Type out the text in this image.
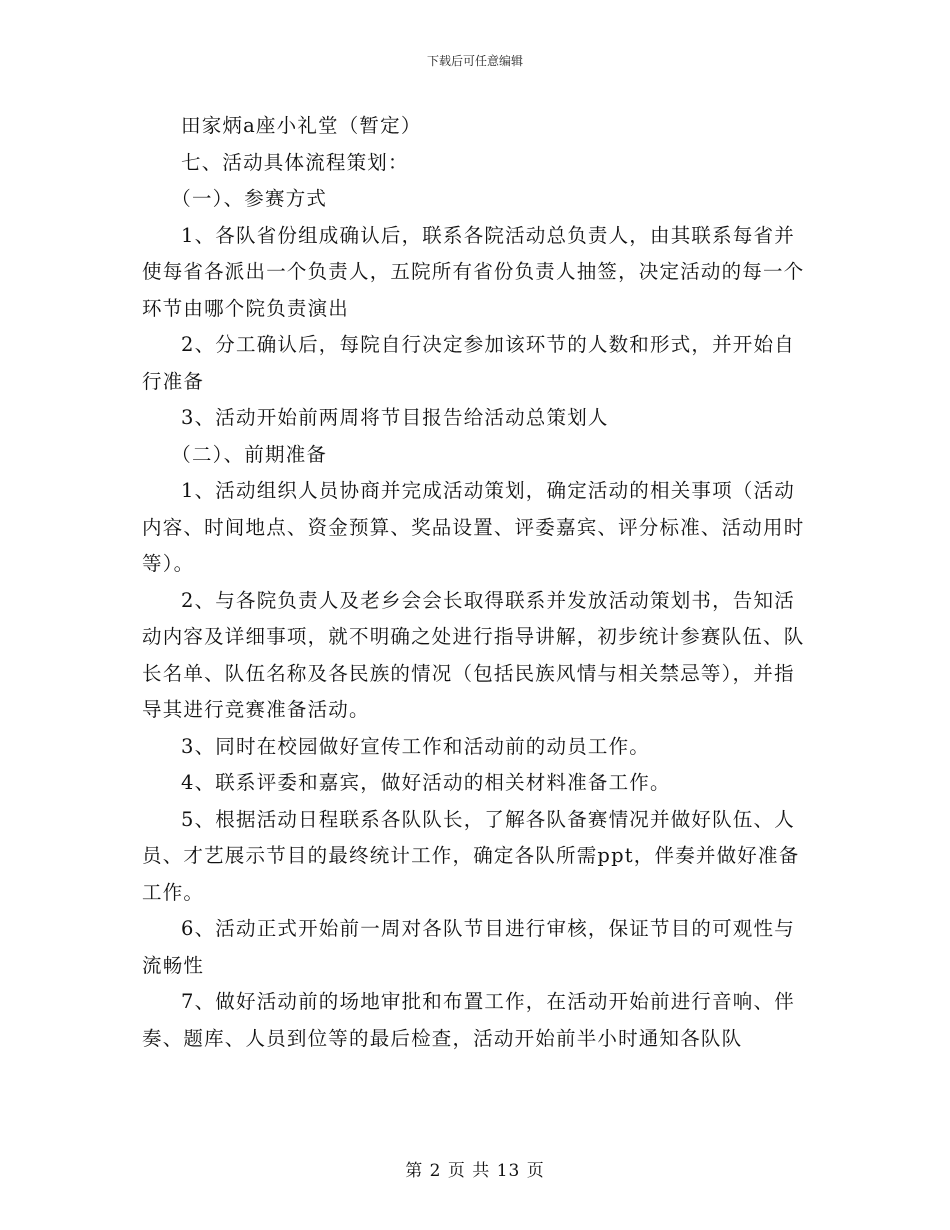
下载后可任意编辑

田家炳a座小礼堂（暂定）

七、活动具体流程策划：

（一）、参赛方式

1、各队省份组成确认后，联系各院活动总负责人，由其联系每省并使每省各派出一个负责人，五院所有省份负责人抽签，决定活动的每一个环节由哪个院负责演出

2、分工确认后，每院自行决定参加该环节的人数和形式，并开始自行准备

3、活动开始前两周将节目报告给活动总策划人

（二）、前期准备

1、活动组织人员协商并完成活动策划，确定活动的相关事项（活动内容、时间地点、资金预算、奖品设置、评委嘉宾、评分标准、活动用时等）。

2、与各院负责人及老乡会会长取得联系并发放活动策划书，告知活动内容及详细事项，就不明确之处进行指导讲解，初步统计参赛队伍、队长名单、队伍名称及各民族的情况（包括民族风情与相关禁忌等），并指导其进行竞赛准备活动。

3、同时在校园做好宣传工作和活动前的动员工作。

4、联系评委和嘉宾，做好活动的相关材料准备工作。

5、根据活动日程联系各队队长，了解各队备赛情况并做好队伍、人员、才艺展示节目的最终统计工作，确定各队所需ppt，伴奏并做好准备工作。

6、活动正式开始前一周对各队节目进行审核，保证节目的可观性与流畅性

7、做好活动前的场地审批和布置工作，在活动开始前进行音响、伴奏、题库、人员到位等的最后检查，活动开始前半小时通知各队队

第 2 页 共 13 页
